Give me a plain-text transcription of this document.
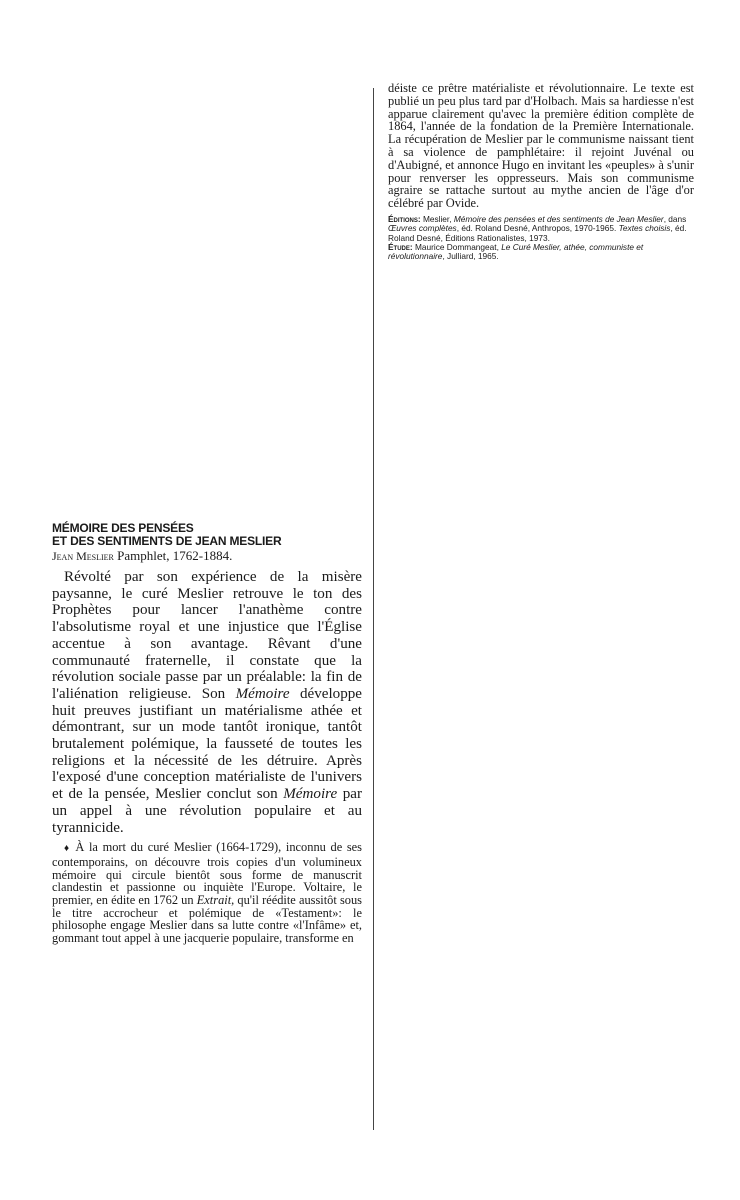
déiste ce prêtre matérialiste et révolutionnaire. Le texte est publié un peu plus tard par d'Holbach. Mais sa hardiesse n'est apparue clairement qu'avec la première édition complète de 1864, l'année de la fondation de la Première Internationale. La récupération de Meslier par le communisme naissant tient à sa violence de pamphlétaire: il rejoint Juvénal ou d'Aubigné, et annonce Hugo en invitant les «peuples» à s'unir pour renverser les oppresseurs. Mais son communisme agraire se rattache surtout au mythe ancien de l'âge d'or célébré par Ovide.

Éditions: Meslier, Mémoire des pensées et des sentiments de Jean Meslier, dans Œuvres complètes, éd. Roland Desné, Anthropos, 1970-1965. Textes choisis, éd. Roland Desné, Éditions Rationalistes, 1973.

Étude: Maurice Dommangeat, Le Curé Meslier, athée, communiste et révolutionnaire, Julliard, 1965.

MÉMOIRE DES PENSÉES
ET DES SENTIMENTS DE JEAN MESLIER

Jean Meslier Pamphlet, 1762-1884.

Révolté par son expérience de la misère paysanne, le curé Meslier retrouve le ton des Prophètes pour lancer l'anathème contre l'absolutisme royal et une injustice que l'Église accentue à son avantage. Rêvant d'une communauté fraternelle, il constate que la révolution sociale passe par un préalable: la fin de l'aliénation religieuse. Son Mémoire développe huit preuves justifiant un matérialisme athée et démontrant, sur un mode tantôt ironique, tantôt brutalement polémique, la fausseté de toutes les religions et la nécessité de les détruire. Après l'exposé d'une conception matérialiste de l'univers et de la pensée, Meslier conclut son Mémoire par un appel à une révolution populaire et au tyrannicide.

♦ À la mort du curé Meslier (1664-1729), inconnu de ses contemporains, on découvre trois copies d'un volumineux mémoire qui circule bientôt sous forme de manuscrit clandestin et passionne ou inquiète l'Europe. Voltaire, le premier, en édite en 1762 un Extrait, qu'il réédite aussitôt sous le titre accrocheur et polémique de «Testament»: le philosophe engage Meslier dans sa lutte contre «l'Infâme» et, gommant tout appel à une jacquerie populaire, transforme en
